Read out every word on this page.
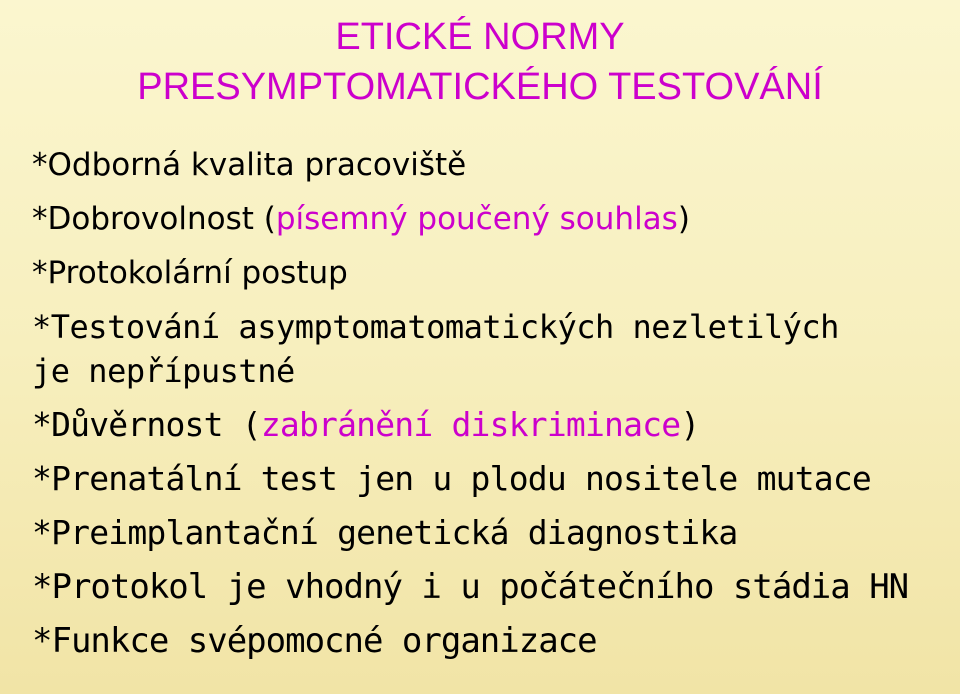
ETICKÉ NORMY
PRESYMPTOMATICKÉHO TESTOVÁNÍ
*Odborná kvalita pracoviště
*Dobrovolnost (písemný poučený souhlas)
*Protokolární postup
*Testování asymptomatomatických nezletilých
je nepřípustné
*Důvěrnost (zabránění diskriminace)
*Prenatální test jen u plodu nositele mutace
*Preimplantační genetická diagnostika
*Protokol je vhodný i u počátečního stádia HN
*Funkce svépomocné organizace
